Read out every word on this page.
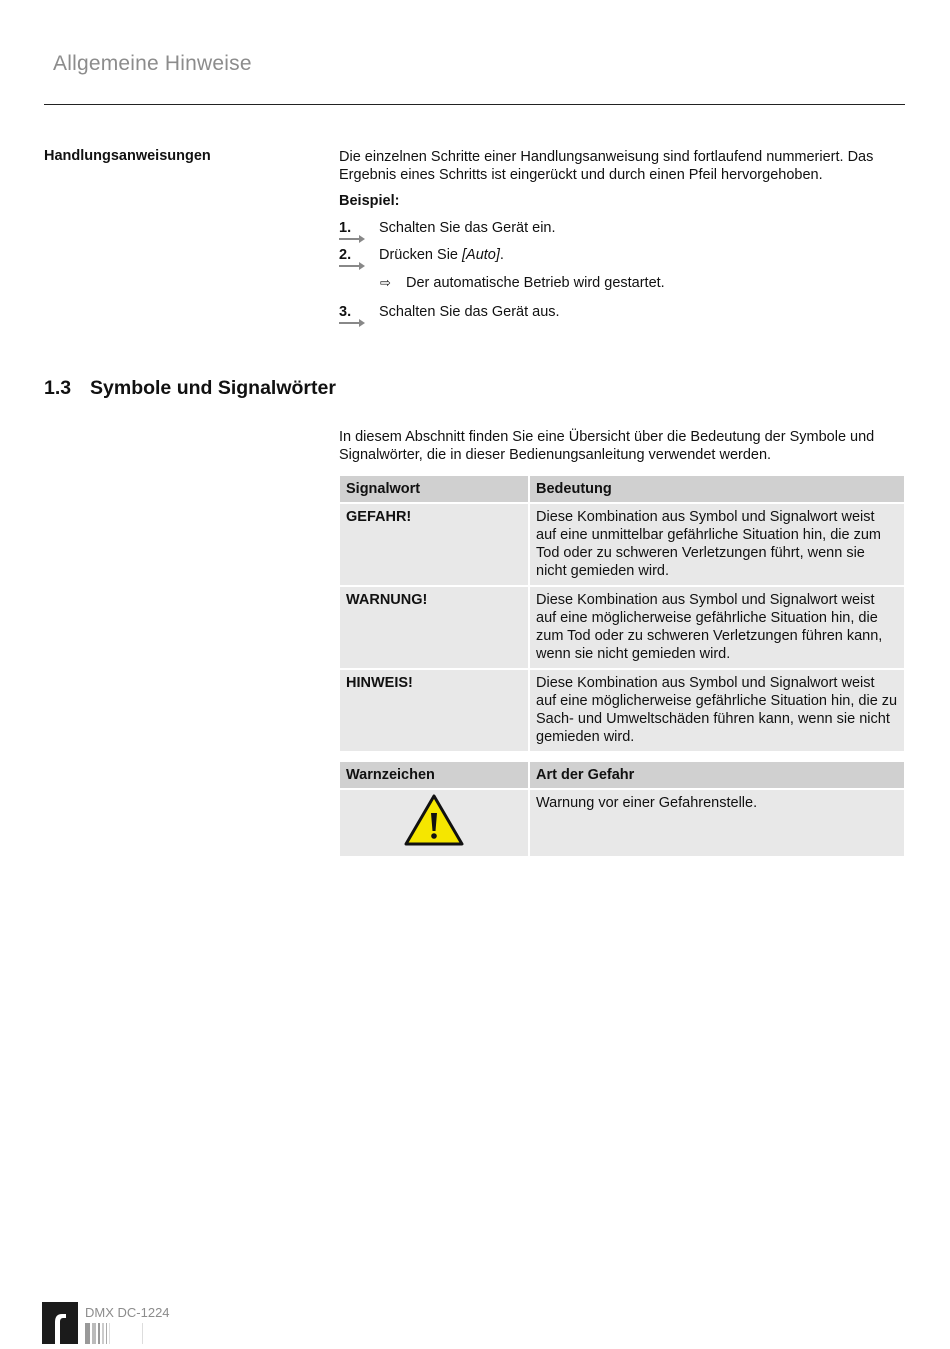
Allgemeine Hinweise
Handlungsanweisungen	Die einzelnen Schritte einer Handlungsanweisung sind fortlaufend nummeriert. Das Ergebnis eines Schritts ist eingerückt und durch einen Pfeil hervorgehoben.
Beispiel:
1.	Schalten Sie das Gerät ein.
2.	Drücken Sie [Auto].
⇨ Der automatische Betrieb wird gestartet.
3.	Schalten Sie das Gerät aus.
1.3 Symbole und Signalwörter
In diesem Abschnitt finden Sie eine Übersicht über die Bedeutung der Symbole und Signalwörter, die in dieser Bedienungsanleitung verwendet werden.
Signalwort	Bedeutung
GEFAHR!	Diese Kombination aus Symbol und Signalwort weist auf eine unmittelbar gefährliche Situation hin, die zum Tod oder zu schweren Verletzungen führt, wenn sie nicht gemieden wird.
WARNUNG!	Diese Kombination aus Symbol und Signalwort weist auf eine möglicherweise gefährliche Situation hin, die zum Tod oder zu schweren Verletzungen führen kann, wenn sie nicht gemieden wird.
HINWEIS!	Diese Kombination aus Symbol und Signalwort weist auf eine möglicherweise gefährliche Situation hin, die zu Sach- und Umweltschäden führen kann, wenn sie nicht gemieden wird.
Warnzeichen	Art der Gefahr
	Warnung vor einer Gefahrenstelle.
DMX DC-1224
